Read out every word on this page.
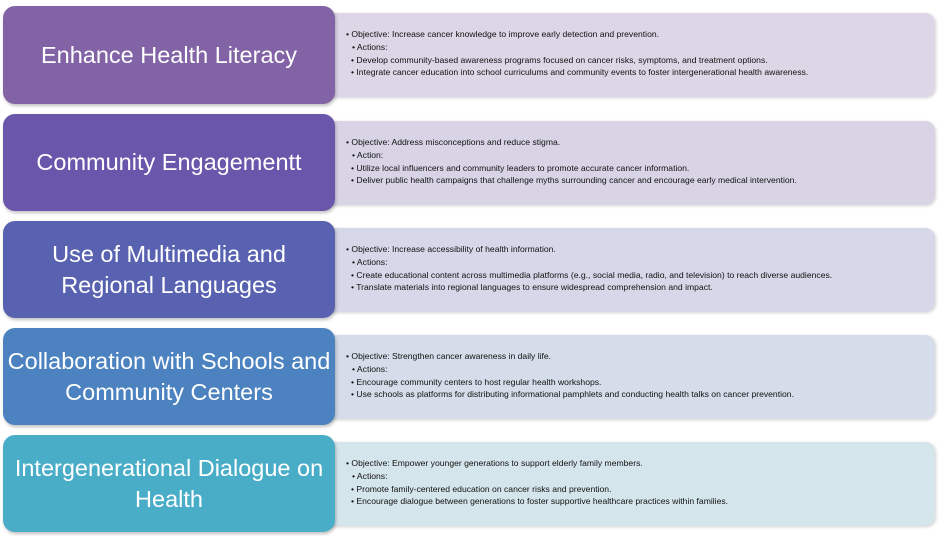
• Objective: Increase cancer knowledge to improve early detection and prevention.
• Actions:
• Develop community-based awareness programs focused on cancer risks, symptoms, and treatment options.
• Integrate cancer education into school curriculums and community events to foster intergenerational health awareness.
Enhance Health Literacy
• Objective: Address misconceptions and reduce stigma.
• Action:
• Utilize local influencers and community leaders to promote accurate cancer information.
• Deliver public health campaigns that challenge myths surrounding cancer and encourage early medical intervention.
Community Engagementt
• Objective: Increase accessibility of health information.
• Actions:
• Create educational content across multimedia platforms (e.g., social media, radio, and television) to reach diverse audiences.
• Translate materials into regional languages to ensure widespread comprehension and impact.
Use of Multimedia and Regional Languages
• Objective: Strengthen cancer awareness in daily life.
• Actions:
• Encourage community centers to host regular health workshops.
• Use schools as platforms for distributing informational pamphlets and conducting health talks on cancer prevention.
Collaboration with Schools and Community Centers
• Objective: Empower younger generations to support elderly family members.
• Actions:
• Promote family-centered education on cancer risks and prevention.
• Encourage dialogue between generations to foster supportive healthcare practices within families.
Intergenerational Dialogue on Health
